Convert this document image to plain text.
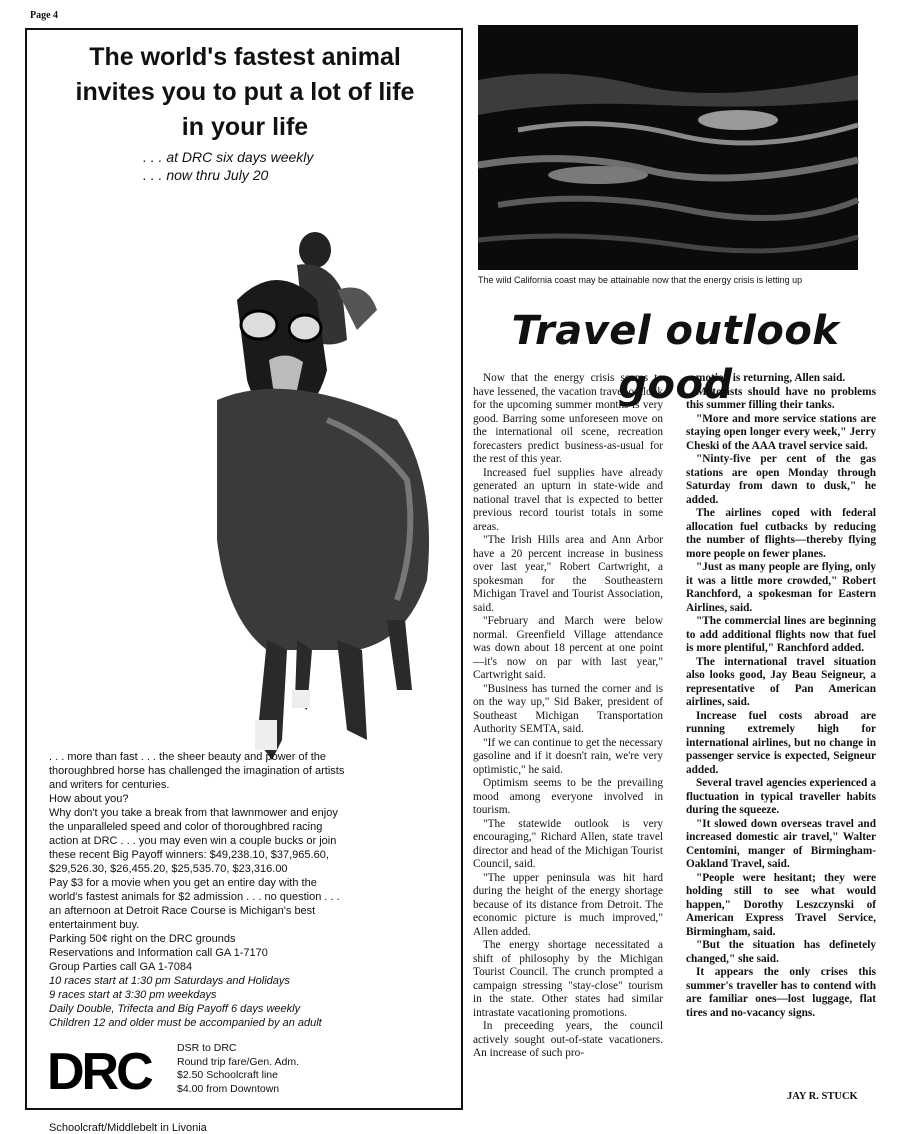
Page 4
The world's fastest animal
invites you to put a lot of life
in your life
. . . at DRC six days weekly
. . . now thru July 20

. . . more than fast . . . the sheer beauty and power of the thoroughbred horse has challenged the imagination of artists and writers for centuries.

How about you?

Why don't you take a break from that lawnmower and enjoy the unparalleled speed and color of thoroughbred racing action at DRC . . . you may even win a couple bucks or join these recent Big Payoff winners: $49,238.10, $37,965.60, $29,526.30, $26,455.20, $25,535.70, $23,316.00

Pay $3 for a movie when you get an entire day with the world's fastest animals for $2 admission . . . no question . . . an afternoon at Detroit Race Course is Michigan's best entertainment buy.

Parking 50¢ right on the DRC grounds

Reservations and Information call GA 1-7170

Group Parties call GA 1-7084

10 races start at 1:30 pm Saturdays and Holidays

9 races start at 3:30 pm weekdays

Daily Double, Trifecta and Big Payoff 6 days weekly

Children 12 and older must be accompanied by an adult

DRC	DSR to DRC
Round trip fare/Gen. Adm.
$2.50 Schoolcraft line
$4.00 from Downtown
Schoolcraft/Middlebelt in Livonia
The wild California coast may be attainable now that the energy crisis is letting up
Travel outlook good

Now that the energy crisis seems to have lessened, the vacation travel outlook for the upcoming summer months is very good. Barring some unforeseen move on the international oil scene, recreation forecasters predict business-as-usual for the rest of this year.

Increased fuel supplies have already generated an upturn in state-wide and national travel that is expected to better previous record tourist totals in some areas.

"The Irish Hills area and Ann Arbor have a 20 percent increase in business over last year," Robert Cartwright, a spokesman for the Southeastern Michigan Travel and Tourist Association, said.

"February and March were below normal. Greenfield Village attendance was down about 18 percent at one point—it's now on par with last year," Cartwright said.

"Business has turned the corner and is on the way up," Sid Baker, president of Southeast Michigan Transportation Authority SEMTA, said.

"If we can continue to get the necessary gasoline and if it doesn't rain, we're very optimistic," he said.

Optimism seems to be the prevailing mood among everyone involved in tourism.

"The statewide outlook is very encouraging," Richard Allen, state travel director and head of the Michigan Tourist Council, said.

"The upper peninsula was hit hard during the height of the energy shortage because of its distance from Detroit. The economic picture is much improved," Allen added.

The energy shortage necessitated a shift of philosophy by the Michigan Tourist Council. The crunch prompted a campaign stressing "stay-close" tourism in the state. Other states had similar intrastate vacationing promotions.

In preceeding years, the council actively sought out-of-state vacationers. An increase of such pro-

motion is returning, Allen said.

Motorists should have no problems this summer filling their tanks.

"More and more service stations are staying open longer every week," Jerry Cheski of the AAA travel service said.

"Ninty-five per cent of the gas stations are open Monday through Saturday from dawn to dusk," he added.

The airlines coped with federal allocation fuel cutbacks by reducing the number of flights—thereby flying more people on fewer planes.

"Just as many people are flying, only it was a little more crowded," Robert Ranchford, a spokesman for Eastern Airlines, said.

"The commercial lines are beginning to add additional flights now that fuel is more plentiful," Ranchford added.

The international travel situation also looks good, Jay Beau Seigneur, a representative of Pan American airlines, said.

Increase fuel costs abroad are running extremely high for international airlines, but no change in passenger service is expected, Seigneur added.

Several travel agencies experienced a fluctuation in typical traveller habits during the squeeze.

"It slowed down overseas travel and increased domestic air travel," Walter Centomini, manger of Birmingham-Oakland Travel, said.

"People were hesitant; they were holding still to see what would happen," Dorothy Leszczynski of American Express Travel Service, Birmingham, said.

"But the situation has definetely changed," she said.

It appears the only crises this summer's traveller has to contend with are familiar ones—lost luggage, flat tires and no-vacancy signs.

JAY R. STUCK
